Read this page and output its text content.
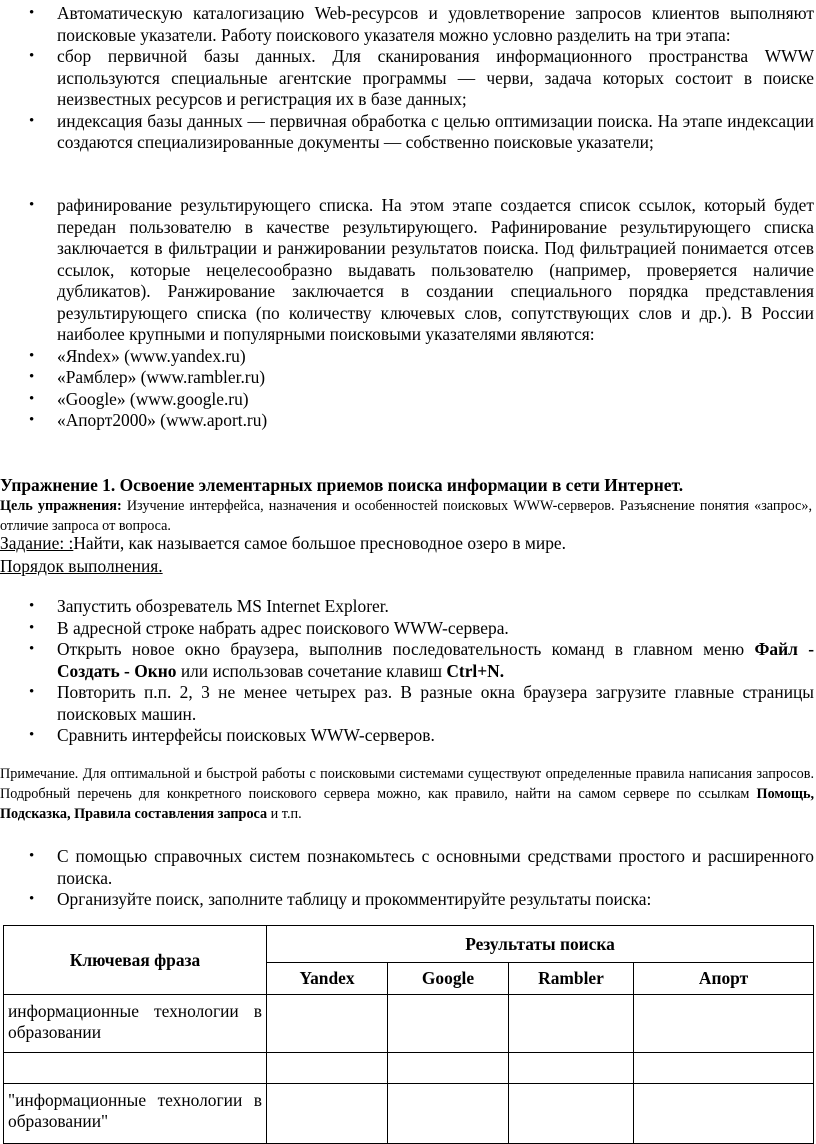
• Автоматическую каталогизацию Web-ресурсов и удовлетворение запросов клиентов выполняют поисковые указатели. Работу поискового указателя можно условно разделить на три этапа:
• сбор первичной базы данных. Для сканирования информационного пространства WWW используются специальные агентские программы — черви, задача которых состоит в поиске неизвестных ресурсов и регистрация их в базе данных;
• индексация базы данных — первичная обработка с целью оптимизации поиска. На этапе индексации создаются специализированные документы — собственно поисковые указатели;
• рафинирование результирующего списка. На этом этапе создается список ссылок, который будет передан пользователю в качестве результирующего. Рафинирование результирующего списка заключается в фильтрации и ранжировании результатов поиска. Под фильтрацией понимается отсев ссылок, которые нецелесообразно выдавать пользователю (например, проверяется наличие дубликатов). Ранжирование заключается в создании специального порядка представления результирующего списка (по количеству ключевых слов, сопутствующих слов и др.). В России наиболее крупными и популярными поисковыми указателями являются:
• «Яndex» (www.yandex.ru)
• «Рамблер» (www.rambler.ru)
• «Google» (www.google.ru)
• «Апорт2000» (www.aport.ru)
Упражнение 1. Освоение элементарных приемов поиска информации в сети Интернет.
Цель упражнения: Изучение интерфейса, назначения и особенностей поисковых WWW-серверов. Разъяснение понятия «запрос», отличие запроса от вопроса.
Задание: :Найти, как называется самое большое пресноводное озеро в мире.
Порядок выполнения.
• Запустить обозреватель MS Internet Explorer.
• В адресной строке набрать адрес поискового WWW-сервера.
• Открыть новое окно браузера, выполнив последовательность команд в главном меню Файл - Создать - Окно или использовав сочетание клавиш Ctrl+N.
• Повторить п.п. 2, 3 не менее четырех раз. В разные окна браузера загрузите главные страницы поисковых машин.
• Сравнить интерфейсы поисковых WWW-серверов.
Примечание. Для оптимальной и быстрой работы с поисковыми системами существуют определенные правила написания запросов. Подробный перечень для конкретного поискового сервера можно, как правило, найти на самом сервере по ссылкам Помощь, Подсказка, Правила составления запроса и т.п.
• С помощью справочных систем познакомьтесь с основными средствами простого и расширенного поиска.
• Организуйте поиск, заполните таблицу и прокомментируйте результаты поиска:
Ключевая фраза	Результаты поиска			
	Yandex	Google	Rambler	Апорт
информационные технологии в образовании				

"информационные технологии в образовании"				
